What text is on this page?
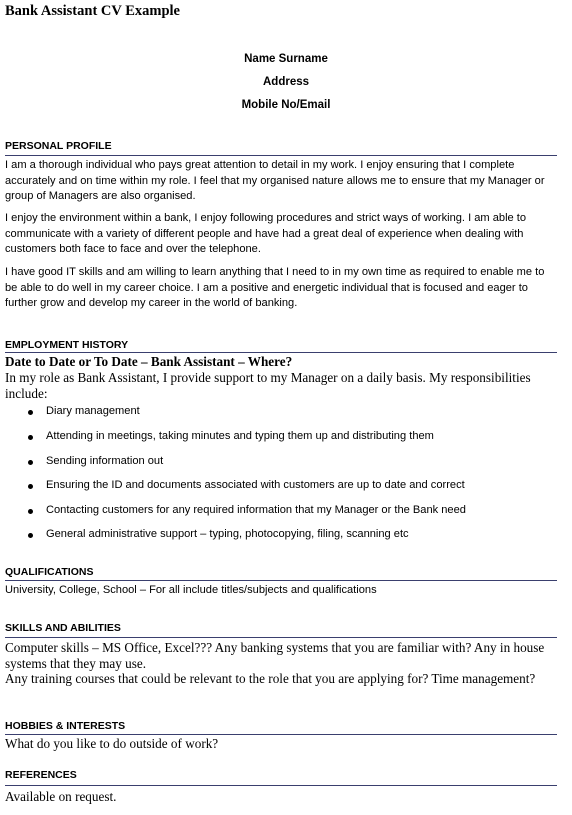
Bank Assistant CV Example
Name Surname
Address
Mobile No/Email
PERSONAL PROFILE
I am a thorough individual who pays great attention to detail in my work. I enjoy ensuring that I complete accurately and on time within my role. I feel that my organised nature allows me to ensure that my Manager or group of Managers are also organised.
I enjoy the environment within a bank, I enjoy following procedures and strict ways of working. I am able to communicate with a variety of different people and have had a great deal of experience when dealing with customers both face to face and over the telephone.
I have good IT skills and am willing to learn anything that I need to in my own time as required to enable me to be able to do well in my career choice. I am a positive and energetic individual that is focused and eager to further grow and develop my career in the world of banking.
EMPLOYMENT HISTORY
Date to Date or To Date – Bank Assistant – Where?
In my role as Bank Assistant, I provide support to my Manager on a daily basis. My responsibilities include:
Diary management
Attending in meetings, taking minutes and typing them up and distributing them
Sending information out
Ensuring the ID and documents associated with customers are up to date and correct
Contacting customers for any required information that my Manager or the Bank need
General administrative support – typing, photocopying, filing, scanning etc
QUALIFICATIONS
University, College, School – For all include titles/subjects and qualifications
SKILLS AND ABILITIES
Computer skills – MS Office, Excel??? Any banking systems that you are familiar with? Any in house systems that they may use.
Any training courses that could be relevant to the role that you are applying for? Time management?
HOBBIES & INTERESTS
What do you like to do outside of work?
REFERENCES
Available on request.
